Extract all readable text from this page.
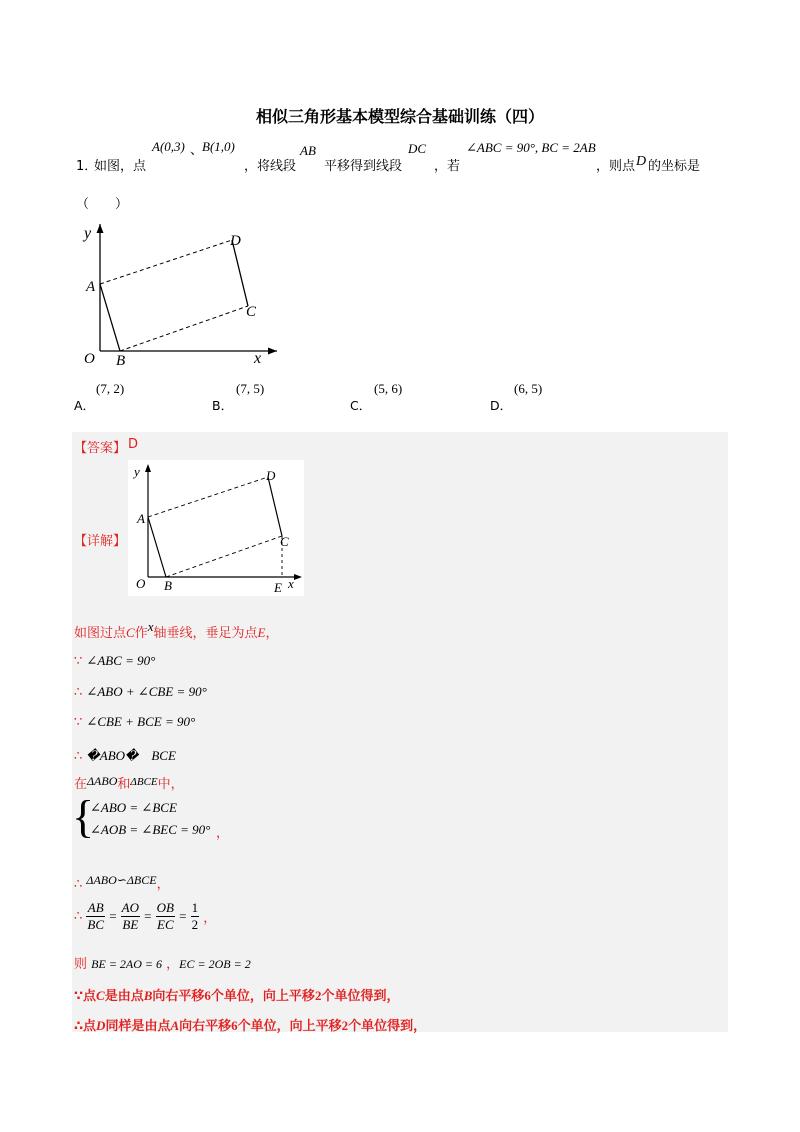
相似三角形基本模型综合基础训练（四）
1．
如图，点
A(0,3) 、
B(1,0)
，将线段
AB
平移得到线段
DC
，若
∠ABC = 90°, BC = 2AB
，则点 D 的坐标是
（　　）
y
x
O
A
B
C
D
A．
(7, 2)
B．
(7, 5)
C．
(5, 6)
D．
(6, 5)
【答案】 D
【详解】
y
x
O
A
B
C
D
E
如图过点C作x轴垂线，垂足为点E，
∵ ∠ABC = 90°
∴ ∠ABO + ∠CBE = 90°
∵ ∠CBE + BCE = 90°
∴ �ABO�　BCE
在ΔABO和$^{\Delta BCE}$中，
{
∠ABO = ∠BCE
∠AOB = ∠BEC = 90° ，
∴ ΔABO∽ΔBCE，
∴ $\frac{AB}{BC} = \frac{AO}{BE} = \frac{OB}{EC} = \frac{1}{2}$ ，
则 BE = 2AO = 6 ，EC = 2OB = 2
∵点C是由点B向右平移6个单位，向上平移2个单位得到，
∴点D同样是由点A向右平移6个单位，向上平移2个单位得到，
